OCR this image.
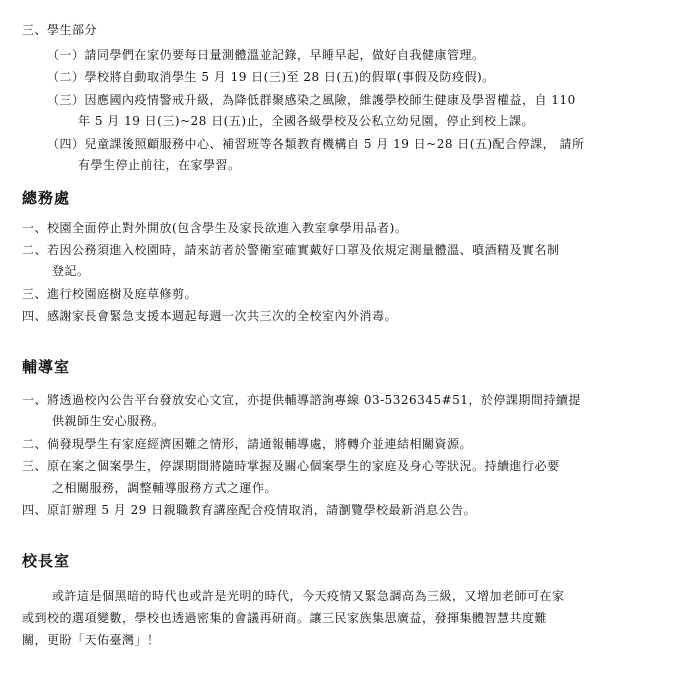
三、學生部分
（一）請同學們在家仍要每日量測體溫並記錄，早睡早起，做好自我健康管理。
（二）學校將自動取消學生 5 月 19 日(三)至 28 日(五)的假單(事假及防疫假)。
（三）因應國內疫情警戒升級，為降低群聚感染之風險，維護學校師生健康及學習權益，自 110
年 5 月 19 日(三)~28 日(五)止，全國各級學校及公私立幼兒園，停止到校上課。
（四）兒童課後照顧服務中心、補習班等各類教育機構自 5 月 19 日~28 日(五)配合停課， 請所
有學生停止前往，在家學習。
總務處
一、校園全面停止對外開放(包含學生及家長欲進入教室拿學用品者)。
二、若因公務須進入校園時，請來訪者於警衛室確實戴好口罩及依規定測量體溫、噴酒精及實名制
登記。
三、進行校園庭樹及庭草修剪。
四、感謝家長會緊急支援本週起每週一次共三次的全校室內外消毒。
輔導室
一、將透過校內公告平台發放安心文宣，亦提供輔導諮詢專線 03-5326345#51，於停課期間持續提
供親師生安心服務。
二、倘發現學生有家庭經濟困難之情形，請通報輔導處，將轉介並連結相關資源。
三、原在案之個案學生，停課期間將隨時掌握及關心個案學生的家庭及身心等狀況。持續進行必要
之相關服務，調整輔導服務方式之運作。
四、原訂辦理 5 月 29 日親職教育講座配合疫情取消，請瀏覽學校最新消息公告。
校長室
或許這是個黑暗的時代也或許是光明的時代，今天疫情又緊急調高為三級，又增加老師可在家
或到校的選項變數，學校也透過密集的會議再研商。讓三民家族集思廣益，發揮集體智慧共度難
關，更盼「天佑臺灣」！
